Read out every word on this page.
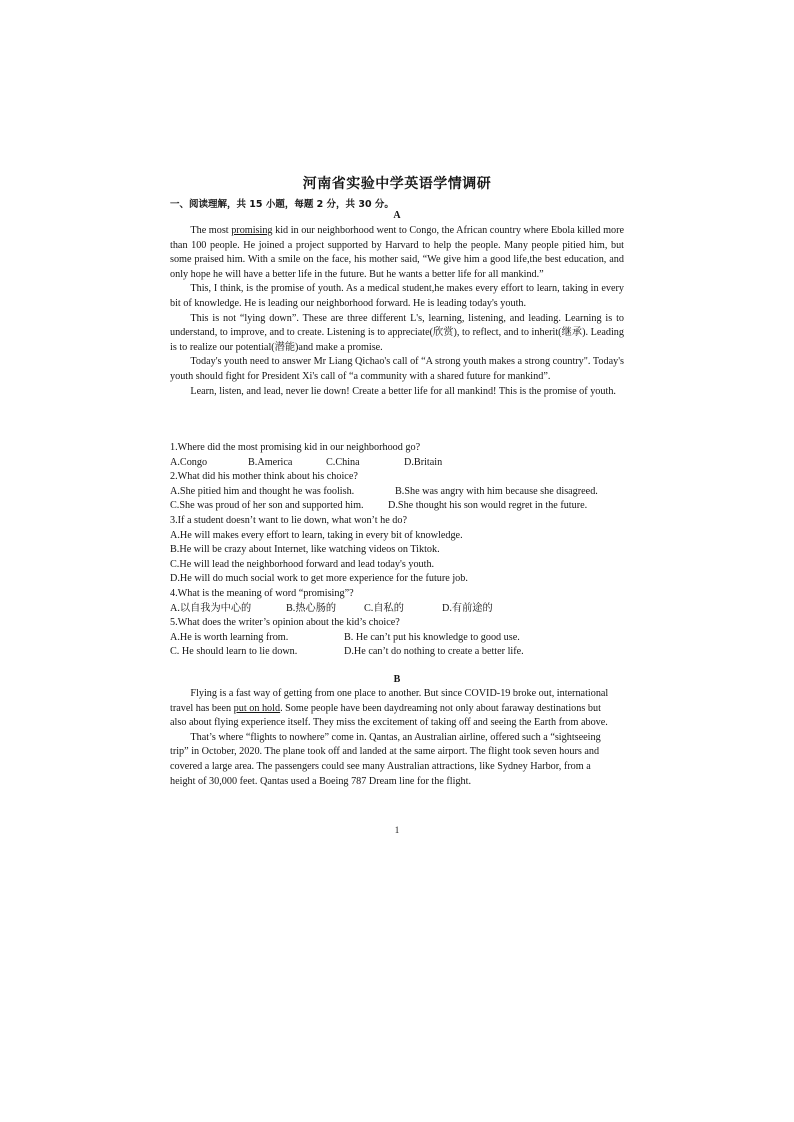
河南省实验中学英语学情调研
一、阅读理解，共 15 小题，每题 2 分，共 30 分。
A

The most promising kid in our neighborhood went to Congo, the African country where Ebola killed more than 100 people. He joined a project supported by Harvard to help the people. Many people pitied him, but some praised him. With a smile on the face, his mother said, “We give him a good life,the best education, and only hope he will have a better life in the future. But he wants a better life for all mankind.”

This, I think, is the promise of youth. As a medical student,he makes every effort to learn, taking in every bit of knowledge. He is leading our neighborhood forward. He is leading today's youth.

This is not “lying down”. These are three different L's, learning, listening, and leading. Learning is to understand, to improve, and to create. Listening is to appreciate(欣赏), to reflect, and to inherit(继承). Leading is to realize our potential(潜能)and make a promise.

Today's youth need to answer Mr Liang Qichao's call of “A strong youth makes a strong country". Today's youth should fight for President Xi's call of “a community with a shared future for mankind”.

Learn, listen, and lead, never lie down! Create a better life for all mankind! This is the promise of youth.

1.Where did the most promising kid in our neighborhood go?

A.Congo	B.America	C.China	D.Britain

2.What did his mother think about his choice?

A.She pitied him and thought he was foolish.	B.She was angry with him because she disagreed.

C.She was proud of her son and supported him.	D.She thought his son would regret in the future.

3.If a student doesn’t want to lie down, what won’t he do?

A.He will makes every effort to learn, taking in every bit of knowledge.

B.He will be crazy about Internet, like watching videos on Tiktok.

C.He will lead the neighborhood forward and lead today's youth.

D.He will do much social work to get more experience for the future job.

4.What is the meaning of word “promising”?

A.以自我为中心的	B.热心肠的	C.自私的	D.有前途的

5.What does the writer’s opinion about the kid’s choice?

A.He is worth learning from.	B. He can’t put his knowledge to good use.

C. He should learn to lie down.	D.He can’t do nothing to create a better life.

B

Flying is a fast way of getting from one place to another. But since COVID-19 broke out, international travel has been put on hold. Some people have been daydreaming not only about faraway destinations but also about flying experience itself. They miss the excitement of taking off and seeing the Earth from above.

That’s where “flights to nowhere” come in. Qantas, an Australian airline, offered such a “sightseeing trip” in October, 2020. The plane took off and landed at the same airport. The flight took seven hours and covered a large area. The passengers could see many Australian attractions, like Sydney Harbor, from a height of 30,000 feet. Qantas used a Boeing 787 Dream line for the flight.

1
